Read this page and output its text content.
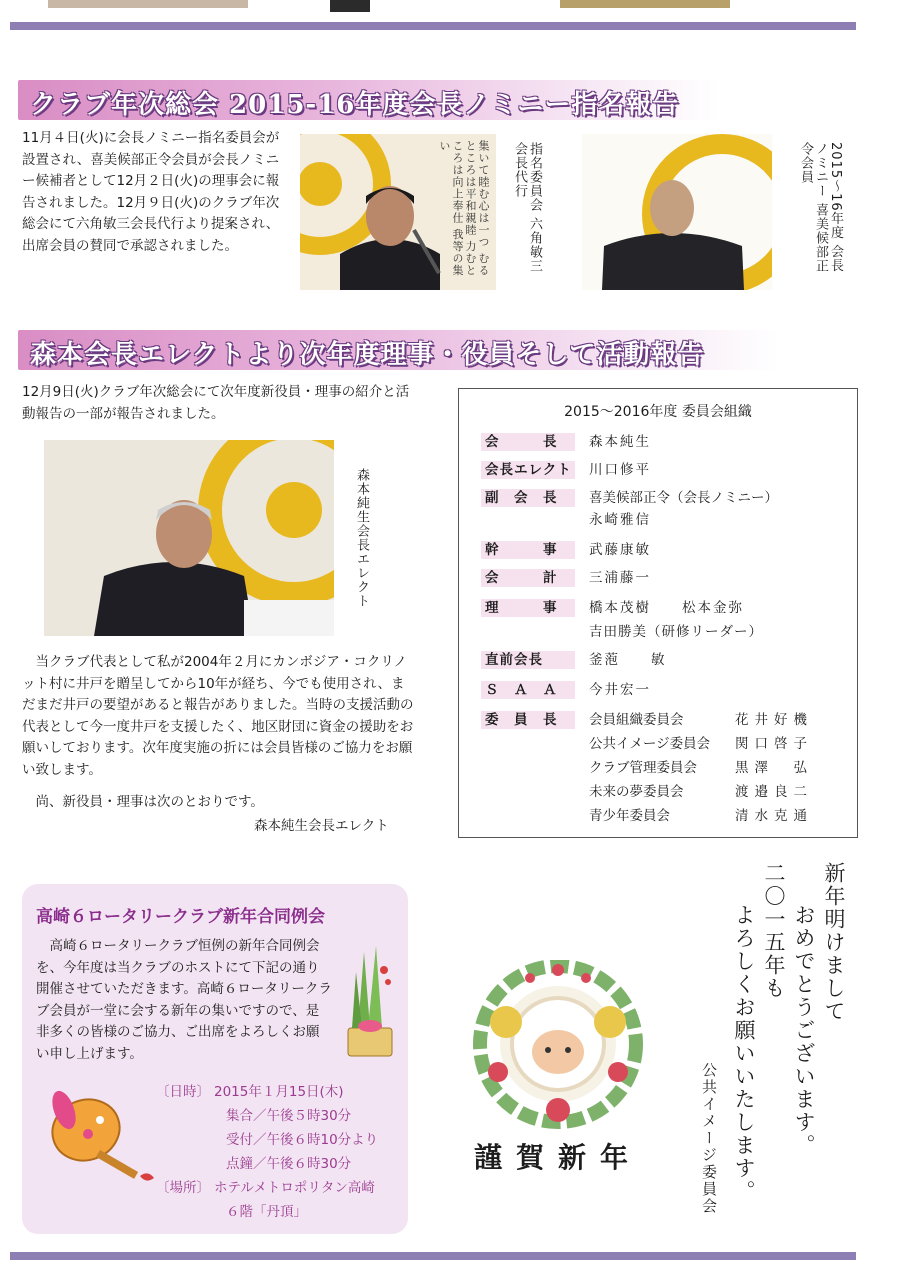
クラブ年次総会 2015-16年度会長ノミニー指名報告
11月４日(火)に会長ノミニー指名委員会が設置され、喜美候部正令会員が会長ノミニー候補者として12月２日(火)の理事会に報告されました。12月９日(火)のクラブ年次総会にて六角敏三会長代行より提案され、出席会員の賛同で承認されました。	集いて睦む心は一つ むるところは平和親睦 力むところは向上奉仕 我等の集い	指名委員会 六角敏三会長代行	2015～16年度 会長ノミニー 喜美候部正令会員
森本会長エレクトより次年度理事・役員そして活動報告
12月9日(火)クラブ年次総会にて次年度新役員・理事の紹介と活動報告の一部が報告されました。
森本純生会長エレクト
当クラブ代表として私が2004年２月にカンボジア・コクリノット村に井戸を贈呈してから10年が経ち、今でも使用され、まだまだ井戸の要望があると報告がありました。当時の支援活動の代表として今一度井戸を支援したく、地区財団に資金の援助をお願いしております。次年度実施の折には会員皆様のご協力をお願い致します。
尚、新役員・理事は次のとおりです。
森本純生会長エレクト
2015～2016年度 委員会組織
会　　　長	森本純生
会長エレクト 川口修平
副　会　長	喜美候部正令（会長ノミニー）
永崎雅信
幹　　　事	武藤康敏
会　　　計	三浦藤一
理　　　事	橋本茂樹　　松本金弥
吉田勝美（研修リーダー）
直前会長	釜萢　　敏
Ｓ　Ａ　Ａ	今井宏一
委　員　長	会員組織委員会	花井好機
公共イメージ委員会 関口啓子
クラブ管理委員会	黒澤　弘
未来の夢委員会	渡邉良二
青少年委員会	清水克通
高崎６ロータリークラブ新年合同例会
高崎６ロータリークラブ恒例の新年合同例会を、今年度は当クラブのホストにて下記の通り開催させていただきます。高崎６ロータリークラブ会員が一堂に会する新年の集いですので、是非多くの皆様のご協力、ご出席をよろしくお願い申し上げます。
〔日時〕 2015年１月15日(木)
集合／午後５時30分
受付／午後６時10分より
点鐘／午後６時30分
〔場所〕 ホテルメトロポリタン高崎
６階「丹頂」
謹賀新年
新年明けまして
おめでとうございます。
二〇一五年も
よろしくお願いいたします。
公共イメージ委員会
